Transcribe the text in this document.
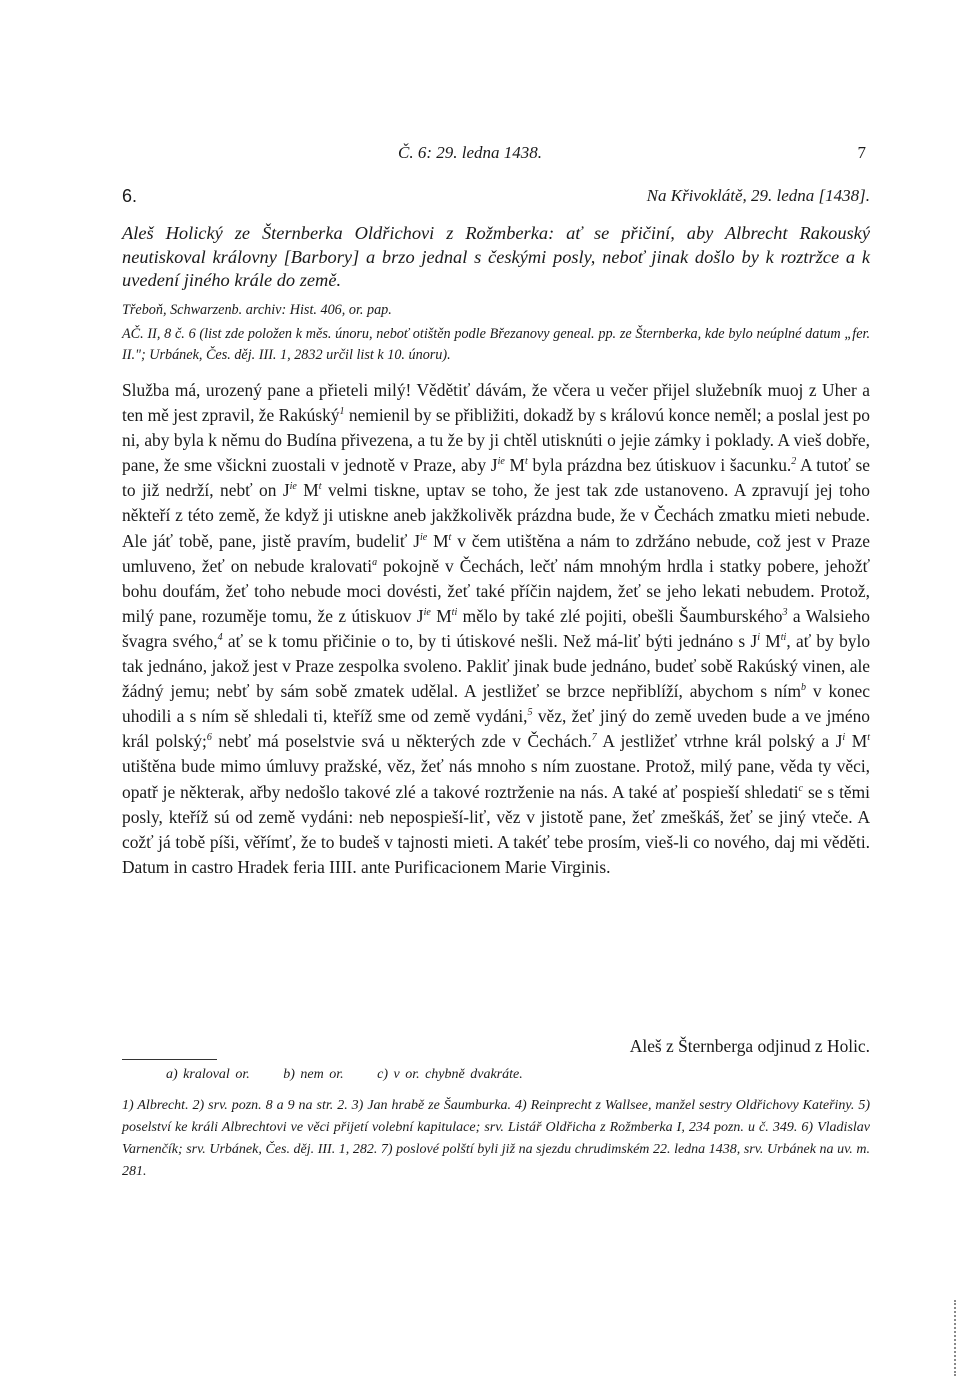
Č. 6: 29. ledna 1438.	7
6.	Na Křivoklátě, 29. ledna [1438].

Aleš Holický ze Šternberka Oldřichovi z Rožmberka: ať se přičiní, aby Albrecht Rakouský neutiskoval královny [Barbory] a brzo jednal s českými posly, neboť jinak došlo by k roztržce a k uvedení jiného krále do země.

Třeboň, Schwarzenb. archiv: Hist. 406, or. pap.
AČ. II, 8 č. 6 (list zde položen k měs. únoru, neboť otištěn podle Březanovy geneal. pp. ze Šternberka, kde bylo neúplné datum „fer. II."; Urbánek, Čes. děj. III. 1, 2832 určil list k 10. únoru).

Služba má, urozený pane a přieteli milý! Vědětiť dávám, že včera u večer přijel služebník muoj z Uher a ten mě jest zpravil, že Rakúský$^1$ nemienil by se přibližiti, dokadž by s královú konce neměl; a poslal jest po ni, aby byla k němu do Budína přivezena, a tu že by ji chtěl utisknúti o jejie zámky i poklady. A vieš dobře, pane, že sme všickni zuostali v jednotě v Praze, aby $J^{ie}$ $M^t$ byla prázdna bez útiskuov i šacunku.$^2$ A tutoť se to již nedrží, nebť on $J^{ie}$ $M^t$ velmi tiskne, uptav se toho, že jest tak zde ustanoveno. A zpravují jej toho někteří z této země, že když ji utiskne aneb jakžkolivěk prázdna bude, že v Čechách zmatku mieti nebude. Ale jáť tobě, pane, jistě pravím, budeliť $J^{ie}$ $M^t$ v čem utištěna a nám to zdržáno nebude, což jest v Praze umluveno, žeť on nebude kralovati$^a$ pokojně v Čechách, lečť nám mnohým hrdla i statky pobere, jehožť bohu doufám, žeť toho nebude moci dovésti, žeť také příčin najdem, žeť se jeho lekati nebudem. Protož, milý pane, rozuměje tomu, že z útiskuov $J^{ie}$ $M^{ti}$ mělo by také zlé pojiti, obešli Šaumburského$^3$ a Walsieho švagra svého,$^4$ ať se k tomu přičinie o to, by ti útiskové nešli. Než má-liť býti jednáno s $J^i$ $M^{ti}$, ať by bylo tak jednáno, jakož jest v Praze zespolka svoleno. Pakliť jinak bude jednáno, budeť sobě Rakúský vinen, ale žádný jemu; nebť by sám sobě zmatek udělal. A jestližeť se brzce nepřiblíží, abychom s ním$^b$ v konec uhodili a s ním sě shledali ti, kteříž sme od země vydáni,$^5$ věz, žeť jiný do země uveden bude a ve jméno král polský;$^6$ nebť má poselstvie svá u některých zde v Čechách.$^7$ A jestližeť vtrhne král polský a $J^i$ $M^t$ utištěna bude mimo úmluvy pražské, věz, žeť nás mnoho s ním zuostane. Protož, milý pane, věda ty věci, opatř je některak, ařby nedošlo takové zlé a takové roztrženie na nás. A také ať pospieší shledati$^c$ se s těmi posly, kteříž sú od země vydáni: neb nepospieší-liť, věz v jistotě pane, žeť zmeškáš, žeť se jiný vteče. A cožť já tobě píši, věřímť, že to budeš v tajnosti mieti. A takéť tebe prosím, vieš-li co nového, daj mi věděti. Datum in castro Hradek feria IIII. ante Purificacionem Marie Virginis.

Aleš z Šternberga odjinud z Holic.
a) kraloval or. b) nem or. c) v or. chybně dvakráte.

1) Albrecht. 2) srv. pozn. 8 a 9 na str. 2. 3) Jan hrabě ze Šaumburka. 4) Reinprecht z Wallsee, manžel sestry Oldřichovy Kateřiny. 5) poselství ke králi Albrechtovi ve věci přijetí volební kapitulace; srv. Listář Oldřicha z Rožmberka I, 234 pozn. u č. 349. 6) Vladislav Varnenčík; srv. Urbánek, Čes. děj. III. 1, 282. 7) poslové polští byli již na sjezdu chrudimském 22. ledna 1438, srv. Urbánek na uv. m. 281.
